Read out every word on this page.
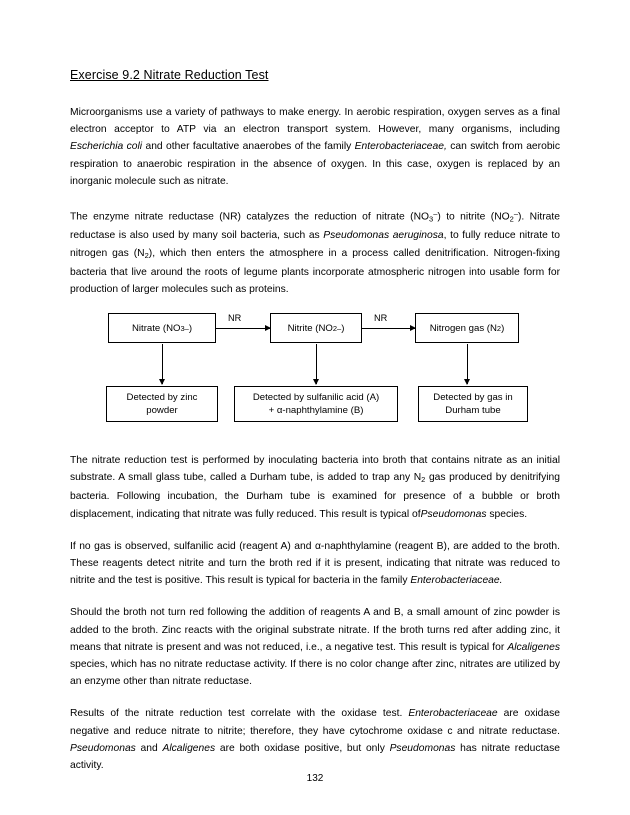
Exercise 9.2 Nitrate Reduction Test

Microorganisms use a variety of pathways to make energy. In aerobic respiration, oxygen serves as a final electron acceptor to ATP via an electron transport system. However, many organisms, including Escherichia coli and other facultative anaerobes of the family Enterobacteriaceae, can switch from aerobic respiration to anaerobic respiration in the absence of oxygen. In this case, oxygen is replaced by an inorganic molecule such as nitrate.

The enzyme nitrate reductase (NR) catalyzes the reduction of nitrate $(NO_3^-)$ to nitrite $(NO_2^-)$. Nitrate reductase is also used by many soil bacteria, such as Pseudomonas aeruginosa, to fully reduce nitrate to nitrogen gas $(N_2)$, which then enters the atmosphere in a process called denitrification. Nitrogen-fixing bacteria that live around the roots of legume plants incorporate atmospheric nitrogen into usable form for production of larger molecules such as proteins.

Nitrate (NO 3 – )	Nitrite (NO 2 – )	Nitrogen gas (N 2 )
NR	NR
Detected by zinc
powder
Detected by sulfanilic acid (A)
+ α-naphthylamine (B)
Detected by gas in
Durham tube

The nitrate reduction test is performed by inoculating bacteria into broth that contains nitrate as an initial substrate. A small glass tube, called a Durham tube, is added to trap any $N_2$ gas produced by denitrifying bacteria. Following incubation, the Durham tube is examined for presence of a bubble or broth displacement, indicating that nitrate was fully reduced. This result is typical ofPseudomonas species.

If no gas is observed, sulfanilic acid (reagent A) and α-naphthylamine (reagent B), are added to the broth. These reagents detect nitrite and turn the broth red if it is present, indicating that nitrate was reduced to nitrite and the test is positive. This result is typical for bacteria in the family Enterobacteriaceae.

Should the broth not turn red following the addition of reagents A and B, a small amount of zinc powder is added to the broth. Zinc reacts with the original substrate nitrate. If the broth turns red after adding zinc, it means that nitrate is present and was not reduced, i.e., a negative test. This result is typical for Alcaligenes species, which has no nitrate reductase activity. If there is no color change after zinc, nitrates are utilized by an enzyme other than nitrate reductase.

Results of the nitrate reduction test correlate with the oxidase test. Enterobacteriaceae are oxidase negative and reduce nitrate to nitrite; therefore, they have cytochrome oxidase c and nitrate reductase. Pseudomonas and Alcaligenes are both oxidase positive, but only Pseudomonas has nitrate reductase activity.

132
